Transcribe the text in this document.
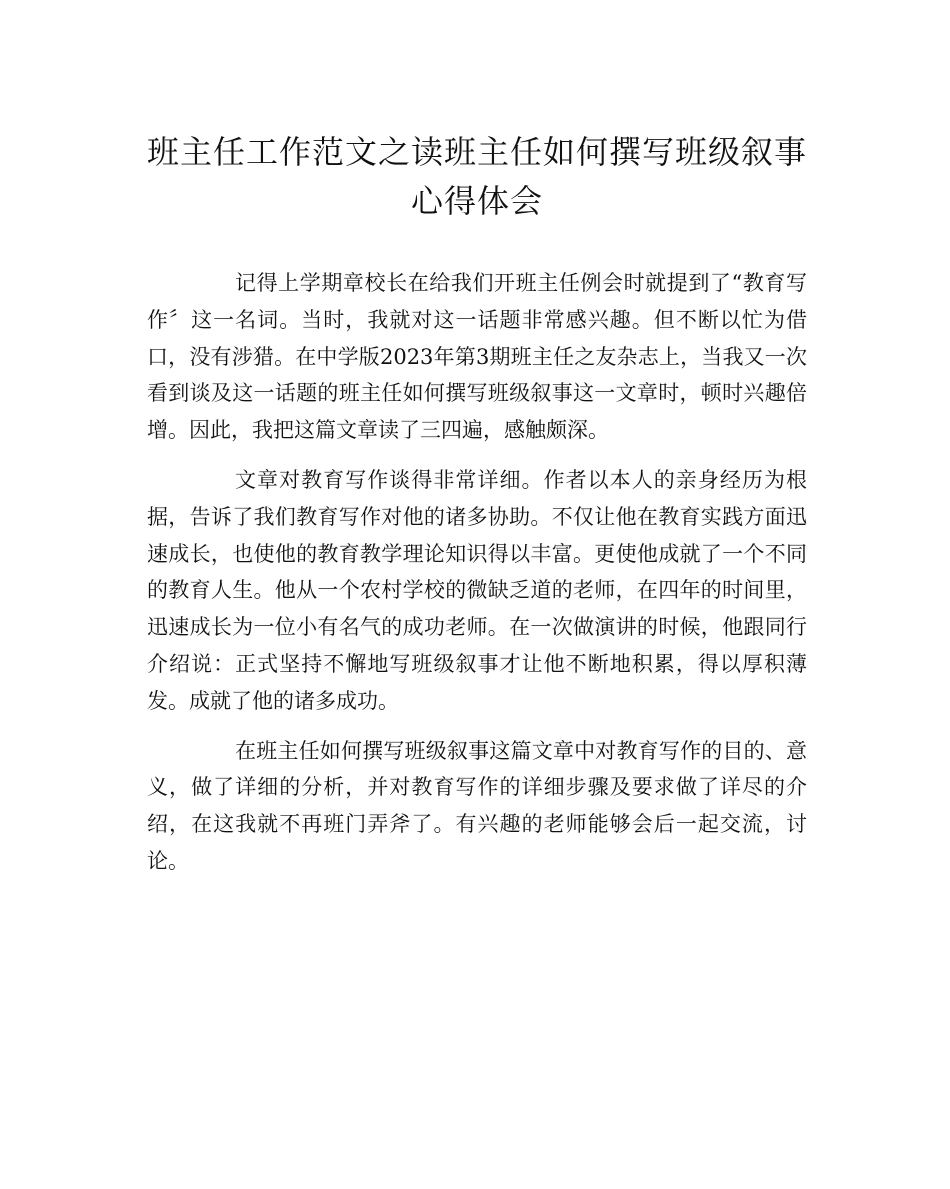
班主任工作范文之读班主任如何撰写班级叙事心得体会

记得上学期章校长在给我们开班主任例会时就提到了“教育写作〞这一名词。当时，我就对这一话题非常感兴趣。但不断以忙为借口，没有涉猎。在中学版2023年第3期班主任之友杂志上，当我又一次看到谈及这一话题的班主任如何撰写班级叙事这一文章时，顿时兴趣倍增。因此，我把这篇文章读了三四遍，感触颇深。

文章对教育写作谈得非常详细。作者以本人的亲身经历为根据，告诉了我们教育写作对他的诸多协助。不仅让他在教育实践方面迅速成长，也使他的教育教学理论知识得以丰富。更使他成就了一个不同的教育人生。他从一个农村学校的微缺乏道的老师，在四年的时间里，迅速成长为一位小有名气的成功老师。在一次做演讲的时候，他跟同行介绍说：正式坚持不懈地写班级叙事才让他不断地积累，得以厚积薄发。成就了他的诸多成功。

在班主任如何撰写班级叙事这篇文章中对教育写作的目的、意义，做了详细的分析，并对教育写作的详细步骤及要求做了详尽的介绍，在这我就不再班门弄斧了。有兴趣的老师能够会后一起交流，讨论。
